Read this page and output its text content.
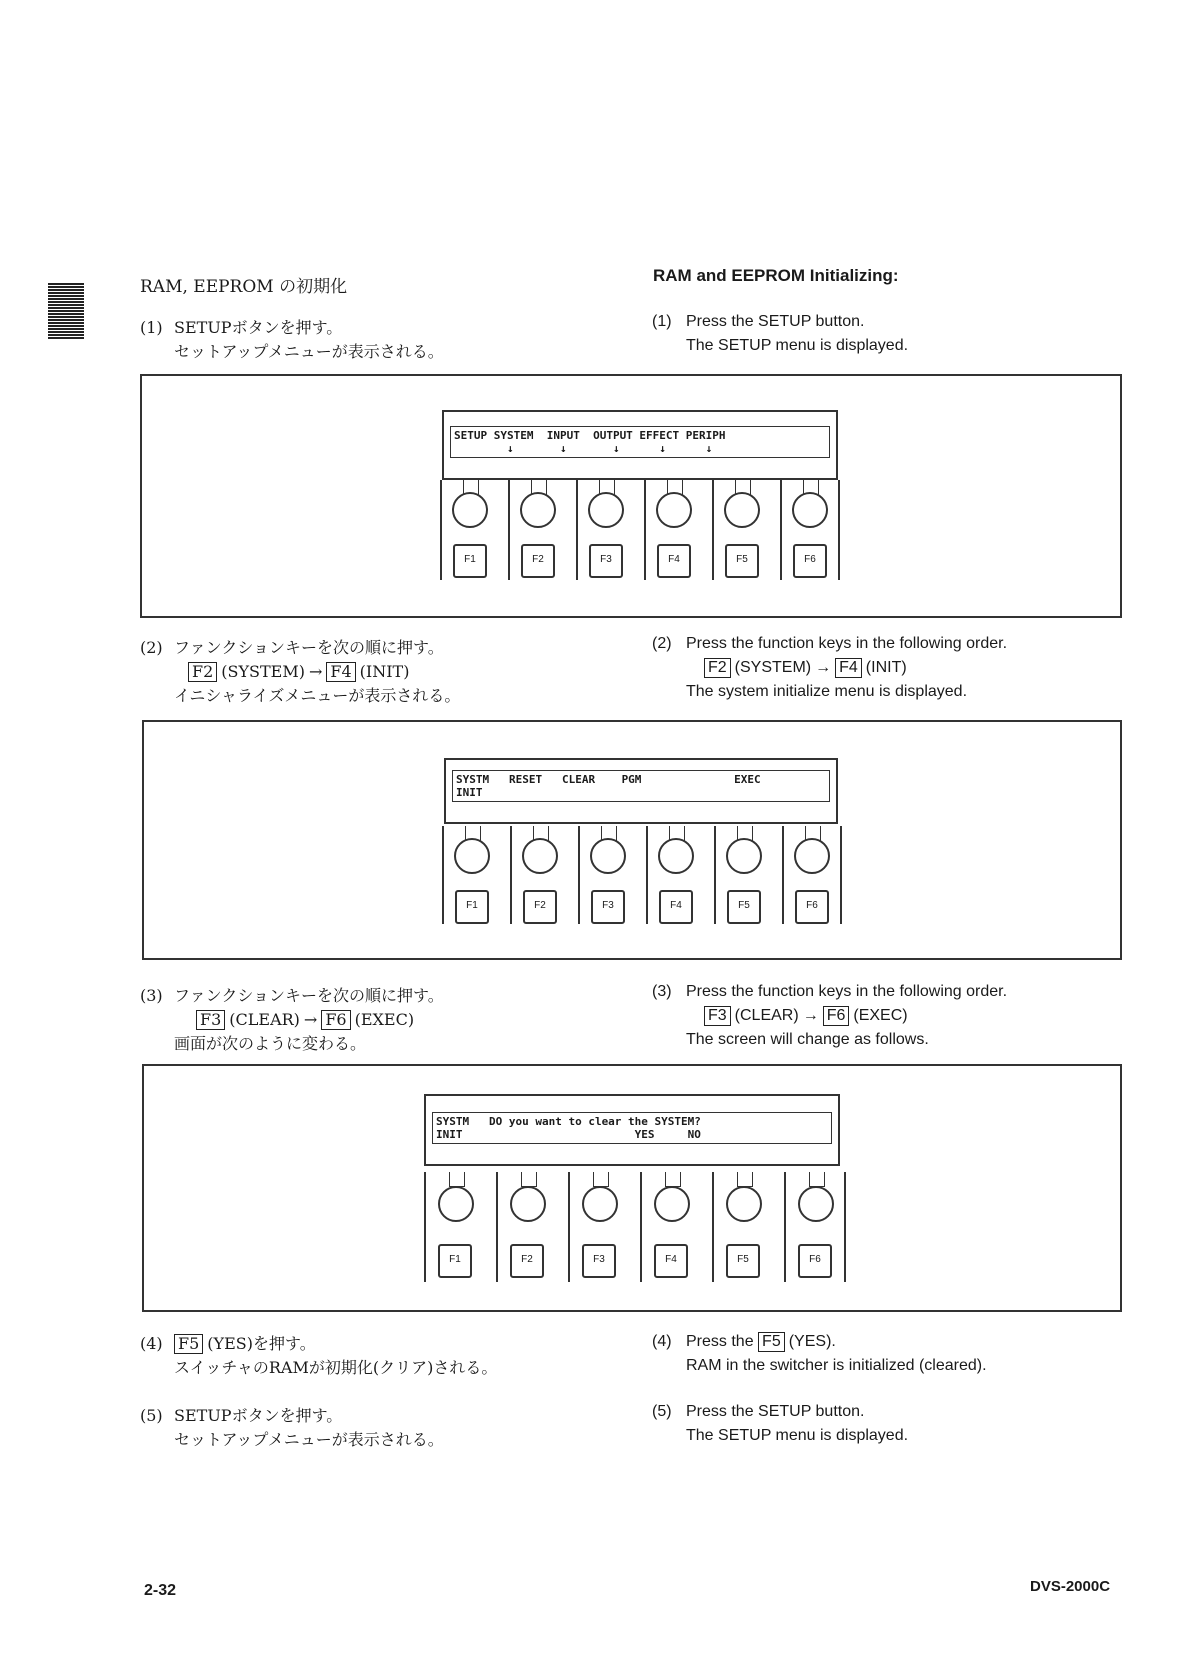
RAM, EEPROM の初期化
RAM and EEPROM Initializing:
(1) SETUPボタンを押す。
セットアップメニューが表示される。
(1) Press the SETUP button.
The SETUP menu is displayed.
SETUP SYSTEM  INPUT  OUTPUT EFFECT PERIPH
↓       ↓       ↓      ↓      ↓
F1	F2	F3	F4	F5	F6
(2) ファンクションキーを次の順に押す。
F2 (SYSTEM) → F4 (INIT)
イニシャライズメニューが表示される。
(2) Press the function keys in the following order.
F2 (SYSTEM) → F4 (INIT)
The system initialize menu is displayed.
SYSTM   RESET   CLEAR    PGM              EXEC
INIT
F1	F2	F3	F4	F5	F6
(3) ファンクションキーを次の順に押す。
F3 (CLEAR) → F6 (EXEC)
画面が次のように変わる。
(3) Press the function keys in the following order.
F3 (CLEAR) → F6 (EXEC)
The screen will change as follows.
SYSTM   DO you want to clear the SYSTEM?
INIT                          YES     NO
F1	F2	F3	F4	F5	F6
(4) F5 (YES)を押す。
スイッチャのRAMが初期化(クリア)される。
(4) Press the F5 (YES).
RAM in the switcher is initialized (cleared).
(5) SETUPボタンを押す。
セットアップメニューが表示される。
(5) Press the SETUP button.
The SETUP menu is displayed.
2-32	DVS-2000C
